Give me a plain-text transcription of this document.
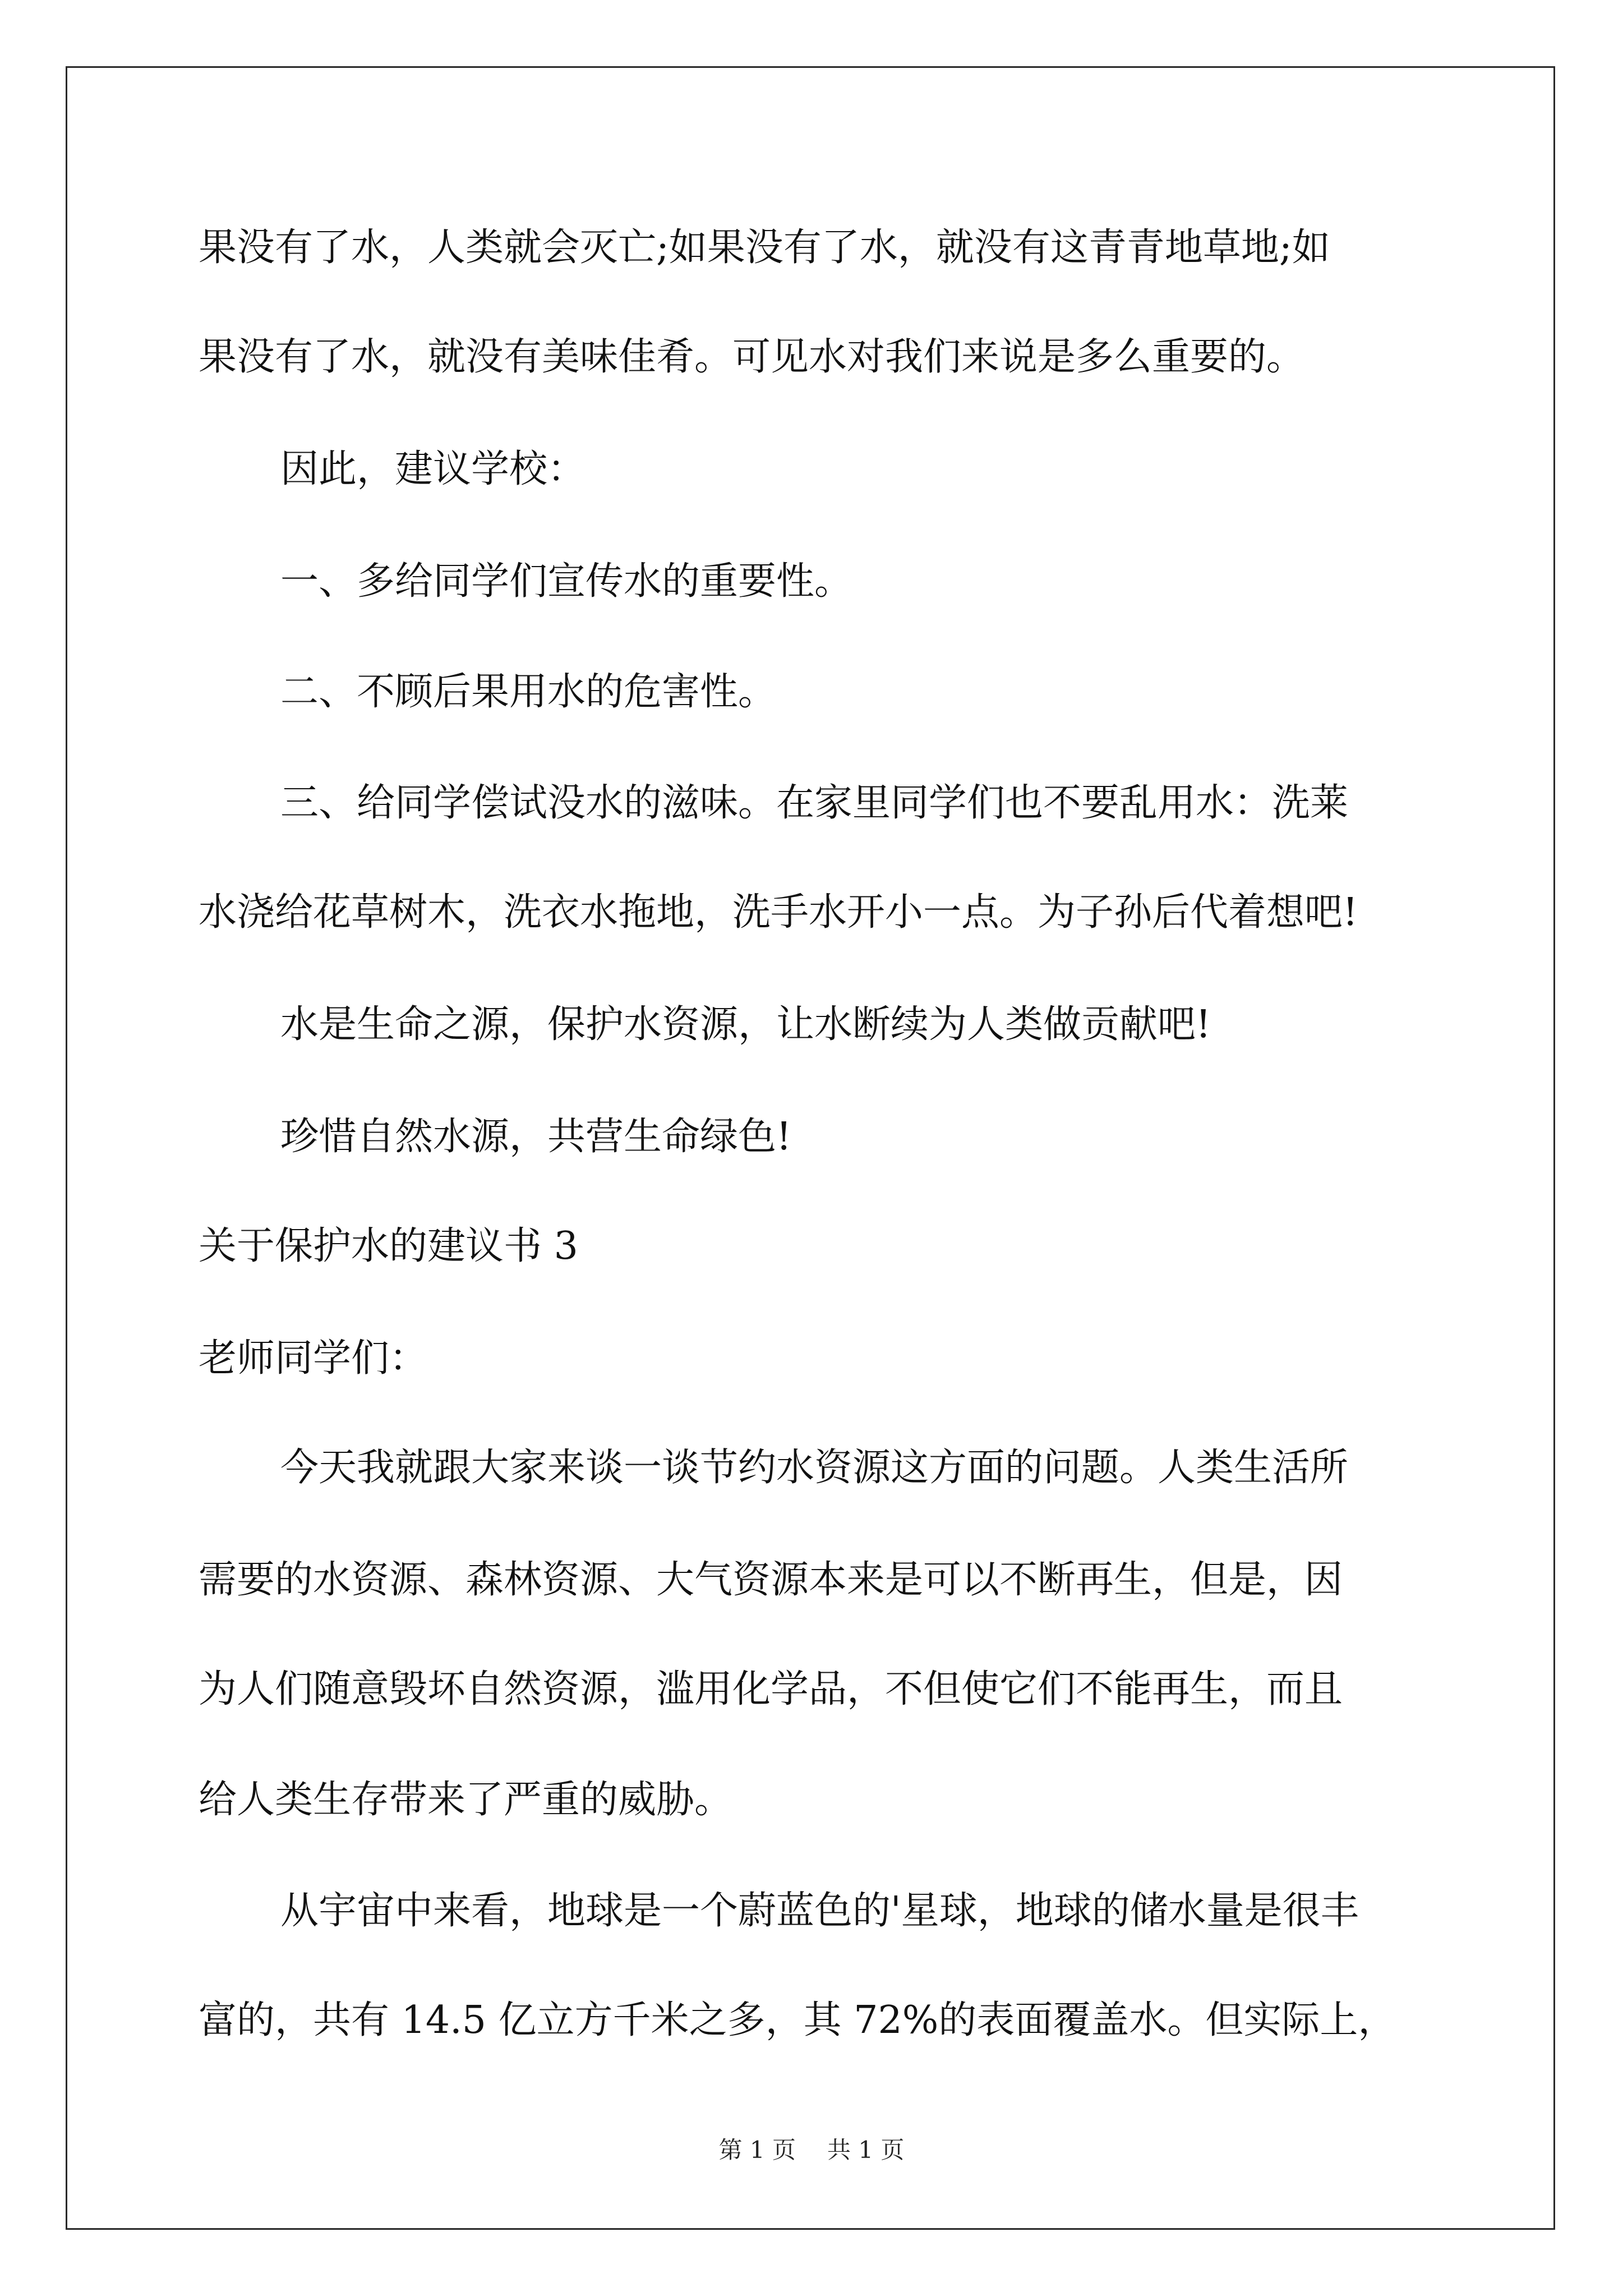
果没有了水，人类就会灭亡;如果没有了水，就没有这青青地草地;如
果没有了水，就没有美味佳肴。可见水对我们来说是多么重要的。
因此，建议学校：
一、多给同学们宣传水的重要性。
二、不顾后果用水的危害性。
三、给同学偿试没水的滋味。在家里同学们也不要乱用水：洗莱
水浇给花草树木，洗衣水拖地，洗手水开小一点。为子孙后代着想吧!
水是生命之源，保护水资源，让水断续为人类做贡献吧!
珍惜自然水源，共营生命绿色!
关于保护水的建议书 3
老师同学们：
今天我就跟大家来谈一谈节约水资源这方面的问题。人类生活所
需要的水资源、森林资源、大气资源本来是可以不断再生，但是，因
为人们随意毁坏自然资源，滥用化学品，不但使它们不能再生，而且
给人类生存带来了严重的威胁。
从宇宙中来看，地球是一个蔚蓝色的'星球，地球的储水量是很丰
富的，共有 14.5 亿立方千米之多，其 72%的表面覆盖水。但实际上，
第 1 页 共 1 页
